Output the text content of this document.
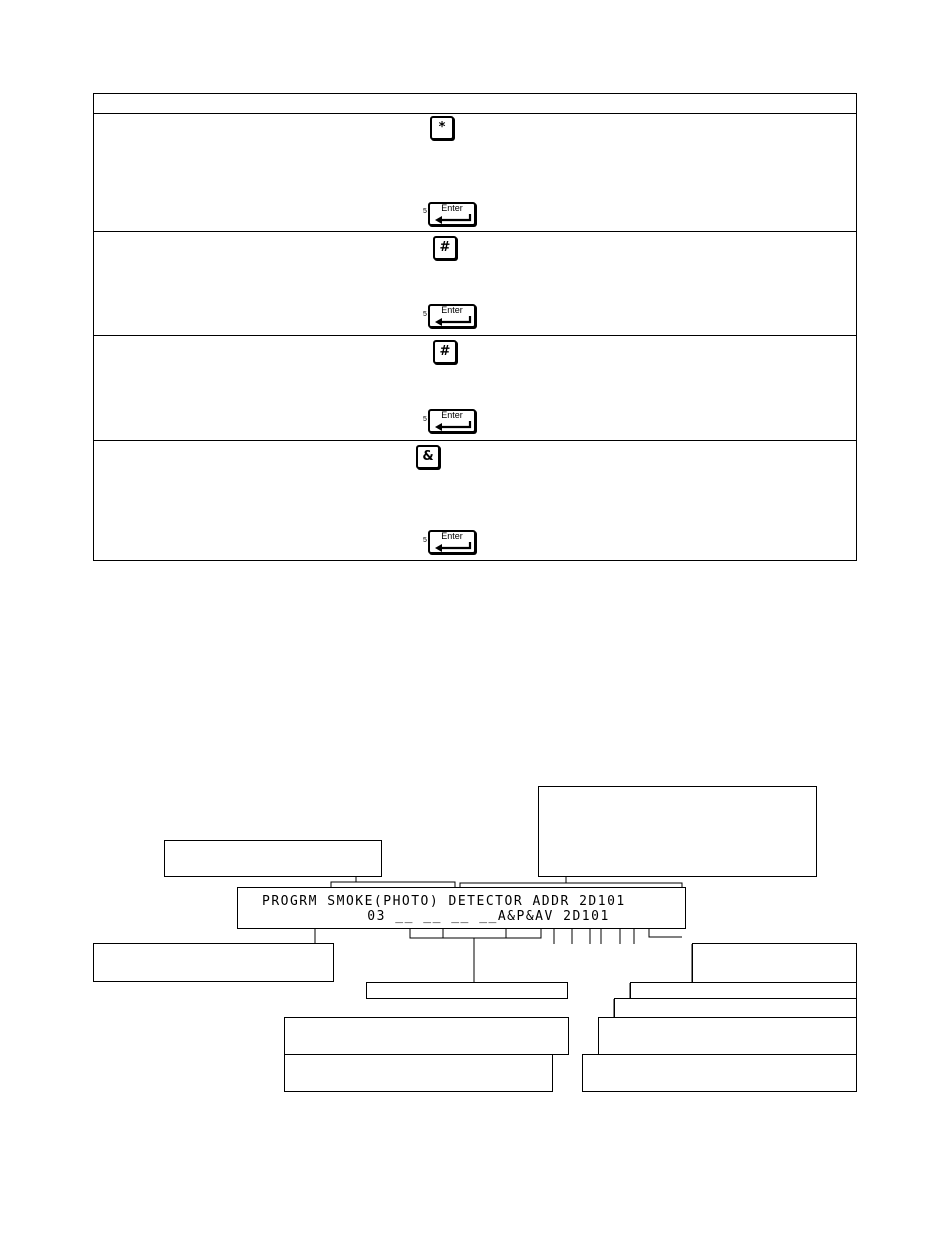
*
5	Enter
#
5	Enter
#
5	Enter
&
5	Enter
PROGRM SMOKE(PHOTO) DETECTOR ADDR 2D101
03 __ __ __ __A&P&AV 2D101
